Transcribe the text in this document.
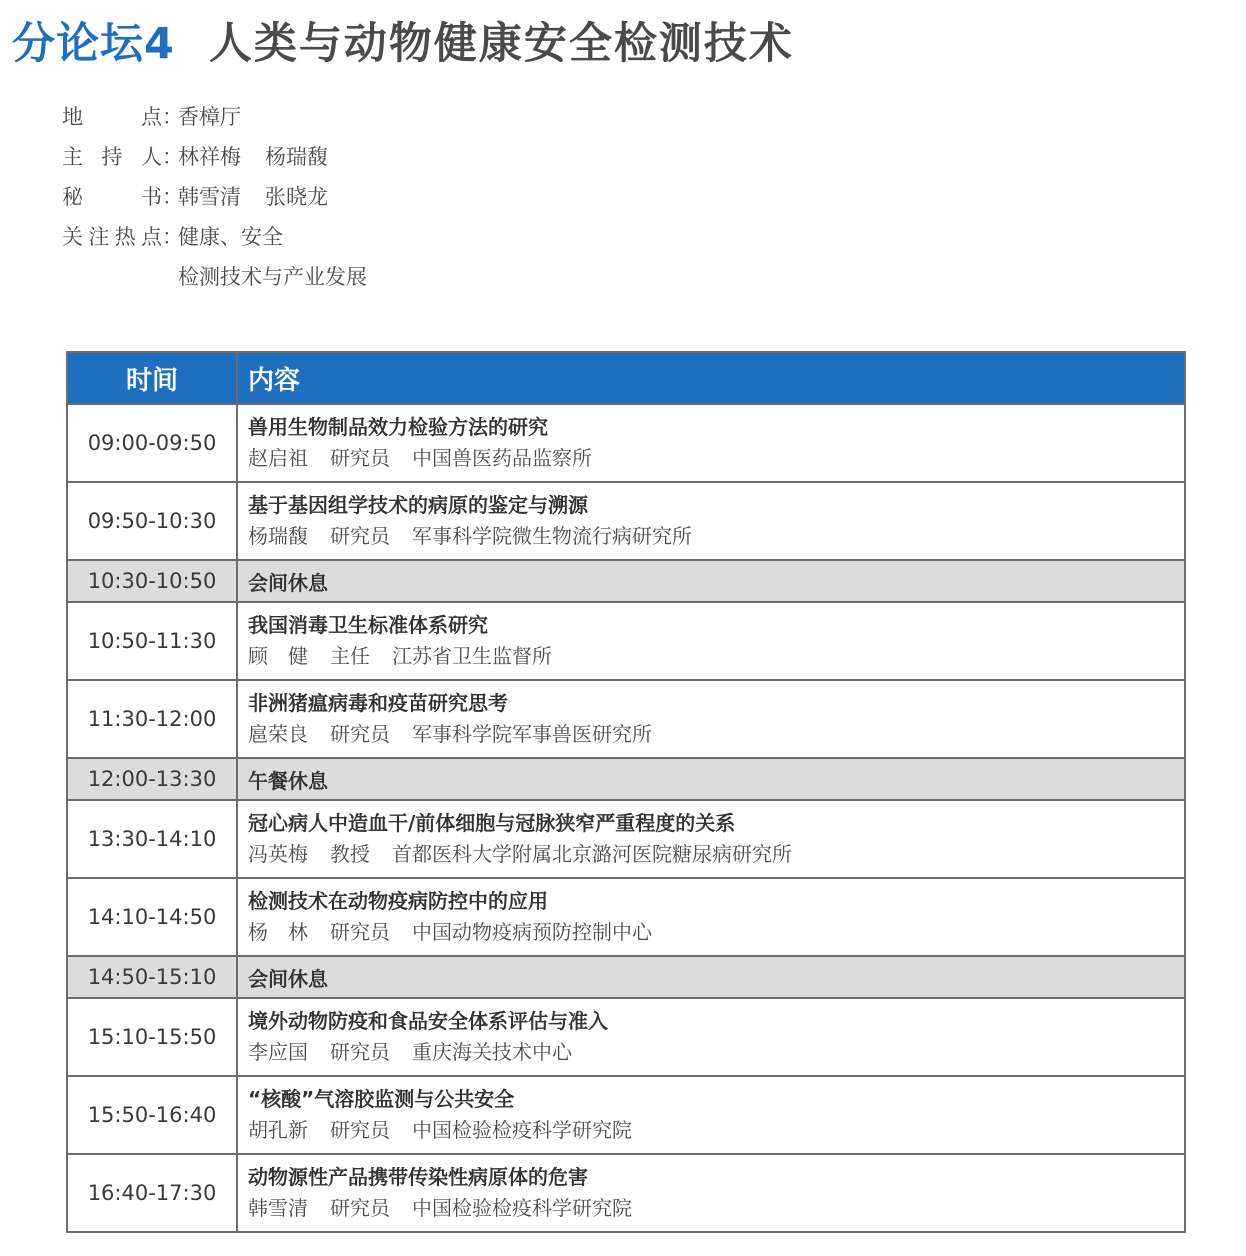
分论坛4 人类与动物健康安全检测技术
地　　点 ：
香樟厅
主 持 人 ：
林祥梅 杨瑞馥
秘　　书 ：
韩雪清 张晓龙
关注热点 ：
健康、安全
检测技术与产业发展
时间	内容
09:00-09:50	兽用生物制品效力检验方法的研究
赵启祖 研究员 中国兽医药品监察所

09:50-10:30	基于基因组学技术的病原的鉴定与溯源
杨瑞馥 研究员 军事科学院微生物流行病研究所

10:30-10:50	会间休息
10:50-11:30	我国消毒卫生标准体系研究
顾　健 主任 江苏省卫生监督所

11:30-12:00	非洲猪瘟病毒和疫苗研究思考
扈荣良 研究员 军事科学院军事兽医研究所

12:00-13:30	午餐休息
13:30-14:10	冠心病人中造血干/前体细胞与冠脉狭窄严重程度的关系
冯英梅 教授 首都医科大学附属北京潞河医院糖尿病研究所

14:10-14:50	检测技术在动物疫病防控中的应用
杨　林 研究员 中国动物疫病预防控制中心

14:50-15:10	会间休息
15:10-15:50	境外动物防疫和食品安全体系评估与准入
李应国 研究员 重庆海关技术中心

15:50-16:40	“核酸”气溶胶监测与公共安全
胡孔新 研究员 中国检验检疫科学研究院

16:40-17:30	动物源性产品携带传染性病原体的危害
韩雪清 研究员 中国检验检疫科学研究院
